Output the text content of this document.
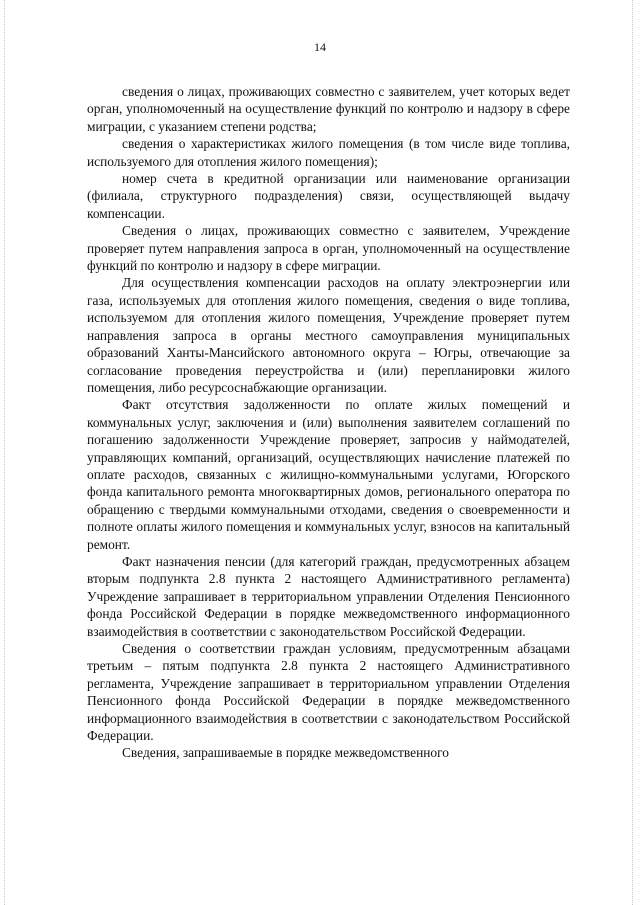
14

сведения о лицах, проживающих совместно с заявителем, учет которых ведет орган, уполномоченный на осуществление функций по контролю и надзору в сфере миграции, с указанием степени родства;

сведения о характеристиках жилого помещения (в том числе виде топлива, используемого для отопления жилого помещения);

номер счета в кредитной организации или наименование организации (филиала, структурного подразделения) связи, осуществляющей выдачу компенсации.

Сведения о лицах, проживающих совместно с заявителем, Учреждение проверяет путем направления запроса в орган, уполномоченный на осуществление функций по контролю и надзору в сфере миграции.

Для осуществления компенсации расходов на оплату электроэнергии или газа, используемых для отопления жилого помещения, сведения о виде топлива, используемом для отопления жилого помещения, Учреждение проверяет путем направления запроса в органы местного самоуправления муниципальных образований Ханты-Мансийского автономного округа – Югры, отвечающие за согласование проведения переустройства и (или) перепланировки жилого помещения, либо ресурсоснабжающие организации.

Факт отсутствия задолженности по оплате жилых помещений и коммунальных услуг, заключения и (или) выполнения заявителем соглашений по погашению задолженности Учреждение проверяет, запросив у наймодателей, управляющих компаний, организаций, осуществляющих начисление платежей по оплате расходов, связанных с жилищно-коммунальными услугами, Югорского фонда капитального ремонта многоквартирных домов, регионального оператора по обращению с твердыми коммунальными отходами, сведения о своевременности и полноте оплаты жилого помещения и коммунальных услуг, взносов на капитальный ремонт.

Факт назначения пенсии (для категорий граждан, предусмотренных абзацем вторым подпункта 2.8 пункта 2 настоящего Административного регламента) Учреждение запрашивает в территориальном управлении Отделения Пенсионного фонда Российской Федерации в порядке межведомственного информационного взаимодействия в соответствии с законодательством Российской Федерации.

Сведения о соответствии граждан условиям, предусмотренным абзацами третьим – пятым подпункта 2.8 пункта 2 настоящего Административного регламента, Учреждение запрашивает в территориальном управлении Отделения Пенсионного фонда Российской Федерации в порядке межведомственного информационного взаимодействия в соответствии с законодательством Российской Федерации.

Сведения, запрашиваемые в порядке межведомственного
